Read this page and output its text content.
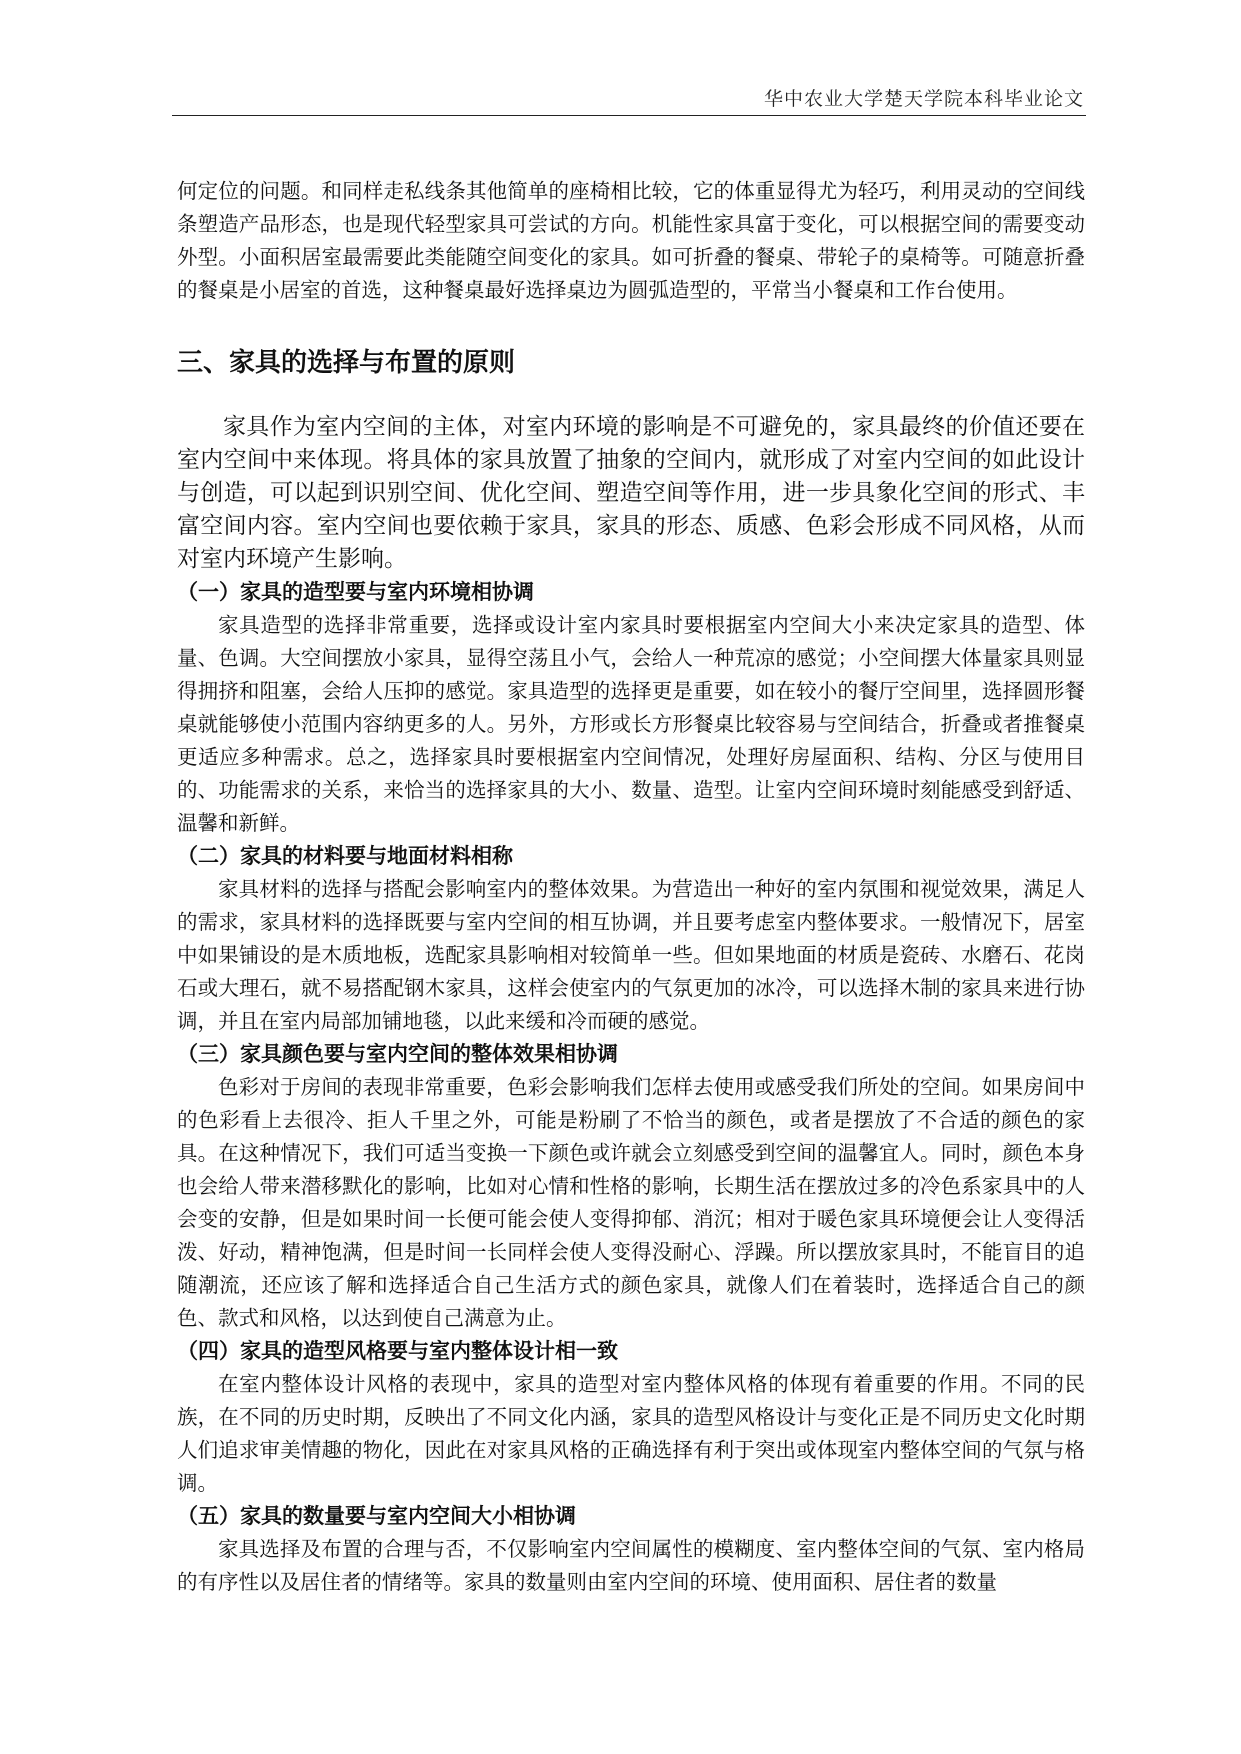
华中农业大学楚天学院本科毕业论文

何定位的问题。和同样走私线条其他简单的座椅相比较，它的体重显得尤为轻巧，利用灵动的空间线条塑造产品形态，也是现代轻型家具可尝试的方向。机能性家具富于变化，可以根据空间的需要变动外型。小面积居室最需要此类能随空间变化的家具。如可折叠的餐桌、带轮子的桌椅等。可随意折叠的餐桌是小居室的首选，这种餐桌最好选择桌边为圆弧造型的，平常当小餐桌和工作台使用。

三、家具的选择与布置的原则

家具作为室内空间的主体，对室内环境的影响是不可避免的，家具最终的价值还要在室内空间中来体现。将具体的家具放置了抽象的空间内，就形成了对室内空间的如此设计与创造，可以起到识别空间、优化空间、塑造空间等作用，进一步具象化空间的形式、丰富空间内容。室内空间也要依赖于家具，家具的形态、质感、色彩会形成不同风格，从而对室内环境产生影响。

（一）家具的造型要与室内环境相协调

家具造型的选择非常重要，选择或设计室内家具时要根据室内空间大小来决定家具的造型、体量、色调。大空间摆放小家具，显得空荡且小气，会给人一种荒凉的感觉；小空间摆大体量家具则显得拥挤和阻塞，会给人压抑的感觉。家具造型的选择更是重要，如在较小的餐厅空间里，选择圆形餐桌就能够使小范围内容纳更多的人。另外，方形或长方形餐桌比较容易与空间结合，折叠或者推餐桌更适应多种需求。总之，选择家具时要根据室内空间情况，处理好房屋面积、结构、分区与使用目的、功能需求的关系，来恰当的选择家具的大小、数量、造型。让室内空间环境时刻能感受到舒适、温馨和新鲜。

（二）家具的材料要与地面材料相称

家具材料的选择与搭配会影响室内的整体效果。为营造出一种好的室内氛围和视觉效果，满足人的需求，家具材料的选择既要与室内空间的相互协调，并且要考虑室内整体要求。一般情况下，居室中如果铺设的是木质地板，选配家具影响相对较简单一些。但如果地面的材质是瓷砖、水磨石、花岗石或大理石，就不易搭配钢木家具，这样会使室内的气氛更加的冰冷，可以选择木制的家具来进行协调，并且在室内局部加铺地毯，以此来缓和冷而硬的感觉。

（三）家具颜色要与室内空间的整体效果相协调

色彩对于房间的表现非常重要，色彩会影响我们怎样去使用或感受我们所处的空间。如果房间中的色彩看上去很冷、拒人千里之外，可能是粉刷了不恰当的颜色，或者是摆放了不合适的颜色的家具。在这种情况下，我们可适当变换一下颜色或许就会立刻感受到空间的温馨宜人。同时，颜色本身也会给人带来潜移默化的影响，比如对心情和性格的影响，长期生活在摆放过多的冷色系家具中的人会变的安静，但是如果时间一长便可能会使人变得抑郁、消沉；相对于暖色家具环境便会让人变得活泼、好动，精神饱满，但是时间一长同样会使人变得没耐心、浮躁。所以摆放家具时，不能盲目的追随潮流，还应该了解和选择适合自己生活方式的颜色家具，就像人们在着装时，选择适合自己的颜色、款式和风格，以达到使自己满意为止。

（四）家具的造型风格要与室内整体设计相一致

在室内整体设计风格的表现中，家具的造型对室内整体风格的体现有着重要的作用。不同的民族，在不同的历史时期，反映出了不同文化内涵，家具的造型风格设计与变化正是不同历史文化时期人们追求审美情趣的物化，因此在对家具风格的正确选择有利于突出或体现室内整体空间的气氛与格调。

（五）家具的数量要与室内空间大小相协调

家具选择及布置的合理与否，不仅影响室内空间属性的模糊度、室内整体空间的气氛、室内格局的有序性以及居住者的情绪等。家具的数量则由室内空间的环境、使用面积、居住者的数量
